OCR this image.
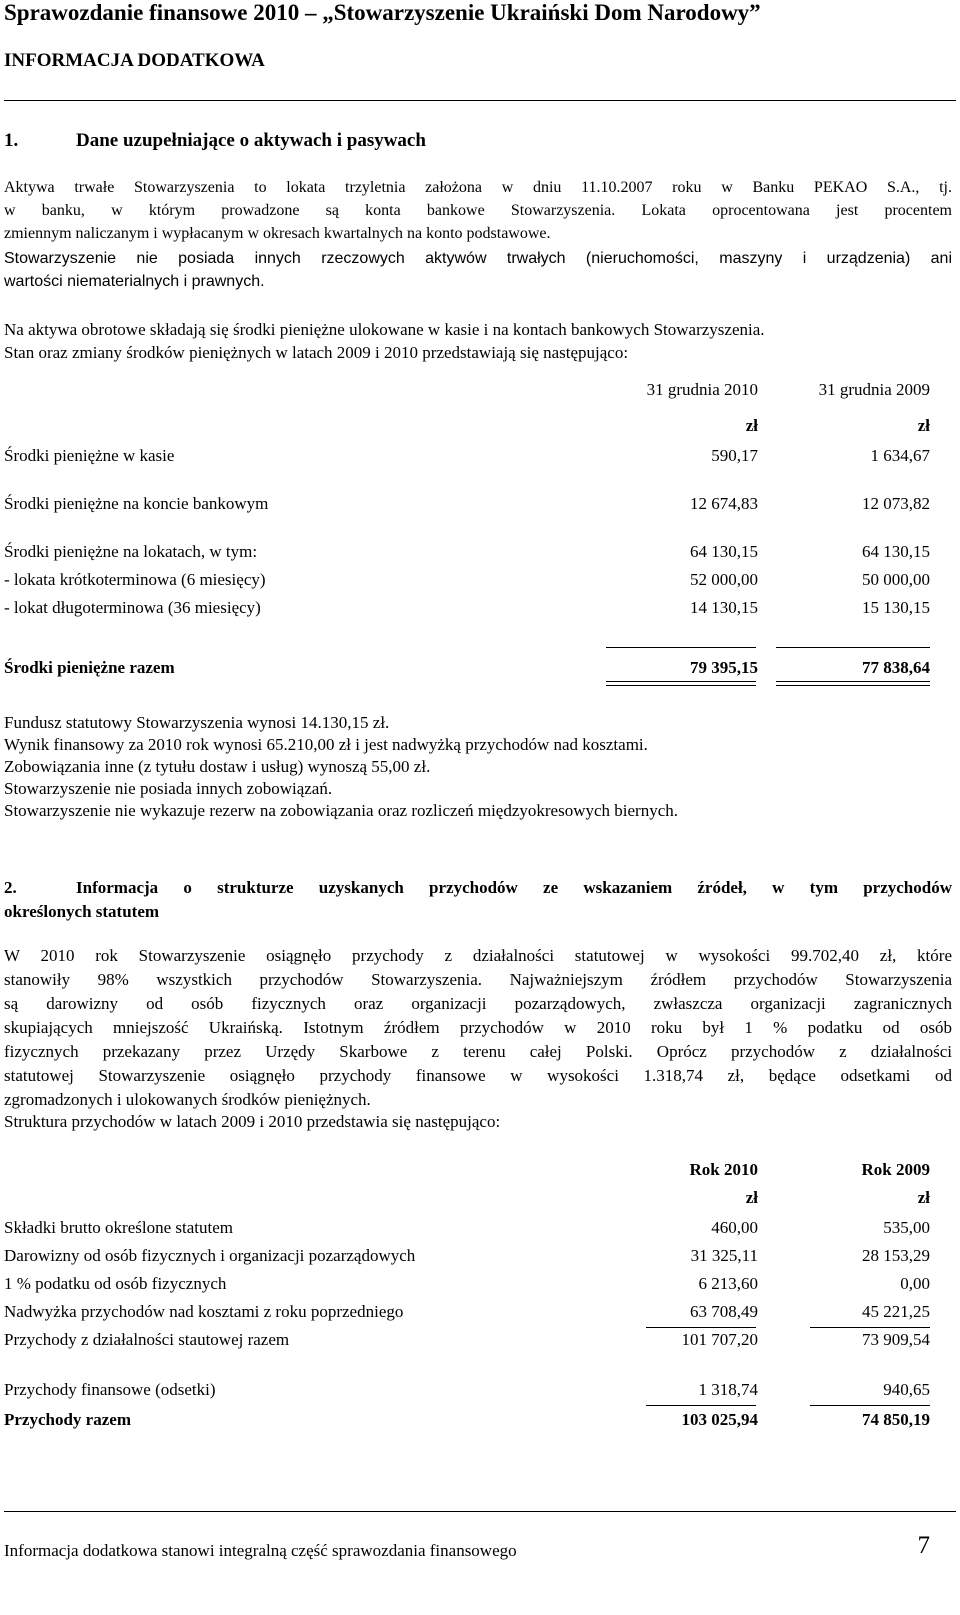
Sprawozdanie finansowe 2010 – „Stowarzyszenie Ukraiński Dom Narodowy”
INFORMACJA DODATKOWA
1.	Dane uzupełniające o aktywach i pasywach
Aktywa trwałe Stowarzyszenia to lokata trzyletnia założona w dniu 11.10.2007 roku w Banku PEKAO S.A., tj.
w banku, w którym prowadzone są konta bankowe Stowarzyszenia. Lokata oprocentowana jest procentem
zmiennym naliczanym i wypłacanym w okresach kwartalnych na konto podstawowe.
Stowarzyszenie nie posiada innych rzeczowych aktywów trwałych (nieruchomości, maszyny i urządzenia) ani
wartości niematerialnych i prawnych.
Na aktywa obrotowe składają się środki pieniężne ulokowane w kasie i na kontach bankowych Stowarzyszenia.
Stan oraz zmiany środków pieniężnych w latach 2009 i 2010 przedstawiają się następująco:
31 grudnia 2010	31 grudnia 2009
zł	zł
Środki pieniężne w kasie	590,17	1 634,67
Środki pieniężne na koncie bankowym	12 674,83	12 073,82
Środki pieniężne na lokatach, w tym:	64 130,15	64 130,15
- lokata krótkoterminowa (6 miesięcy)	52 000,00	50 000,00
- lokat długoterminowa (36 miesięcy)	14 130,15	15 130,15
Środki pieniężne razem	79 395,15	77 838,64
Fundusz statutowy Stowarzyszenia wynosi 14.130,15 zł.
Wynik finansowy za 2010 rok wynosi 65.210,00 zł i jest nadwyżką przychodów nad kosztami.
Zobowiązania inne (z tytułu dostaw i usług) wynoszą 55,00 zł.
Stowarzyszenie nie posiada innych zobowiązań.
Stowarzyszenie nie wykazuje rezerw na zobowiązania oraz rozliczeń międzyokresowych biernych.
2.	Informacja o strukturze uzyskanych przychodów ze wskazaniem źródeł, w tym przychodów
określonych statutem
W 2010 rok Stowarzyszenie osiągnęło przychody z działalności statutowej w wysokości 99.702,40 zł, które
stanowiły 98% wszystkich przychodów Stowarzyszenia. Najważniejszym źródłem przychodów Stowarzyszenia
są darowizny od osób fizycznych oraz organizacji pozarządowych, zwłaszcza organizacji zagranicznych
skupiających mniejszość Ukraińską. Istotnym źródłem przychodów w 2010 roku był 1 % podatku od osób
fizycznych przekazany przez Urzędy Skarbowe z terenu całej Polski. Oprócz przychodów z działalności
statutowej Stowarzyszenie osiągnęło przychody finansowe w wysokości 1.318,74 zł, będące odsetkami od
zgromadzonych i ulokowanych środków pieniężnych.
Struktura przychodów w latach 2009 i 2010 przedstawia się następująco:
Rok 2010	Rok 2009
zł	zł
Składki brutto określone statutem	460,00	535,00
Darowizny od osób fizycznych i organizacji pozarządowych	31 325,11	28 153,29
1 % podatku od osób fizycznych	6 213,60	0,00
Nadwyżka przychodów nad kosztami z roku poprzedniego	63 708,49	45 221,25
Przychody z działalności stautowej razem	101 707,20	73 909,54
Przychody finansowe (odsetki)	1 318,74	940,65
Przychody razem	103 025,94	74 850,19
Informacja dodatkowa stanowi integralną część sprawozdania finansowego	7
